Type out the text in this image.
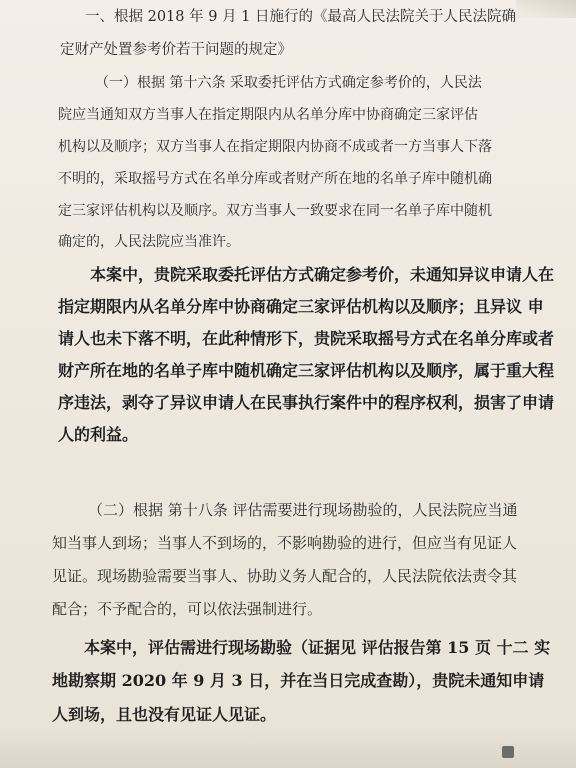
一、根据 2018 年 9 月 1 日施行的《最高人民法院关于人民法院确
定财产处置参考价若干问题的规定》
（一）根据 第十六条 采取委托评估方式确定参考价的，人民法
院应当通知双方当事人在指定期限内从名单分库中协商确定三家评估
机构以及顺序；双方当事人在指定期限内协商不成或者一方当事人下落
不明的，采取摇号方式在名单分库或者财产所在地的名单子库中随机确
定三家评估机构以及顺序。双方当事人一致要求在同一名单子库中随机
确定的，人民法院应当准许。
本案中，贵院采取委托评估方式确定参考价，未通知异议申请人在
指定期限内从名单分库中协商确定三家评估机构以及顺序；且异议 申
请人也未下落不明，在此种情形下，贵院采取摇号方式在名单分库或者
财产所在地的名单子库中随机确定三家评估机构以及顺序，属于重大程
序违法，剥夺了异议申请人在民事执行案件中的程序权利，损害了申请
人的利益。
（二）根据 第十八条 评估需要进行现场勘验的，人民法院应当通
知当事人到场；当事人不到场的，不影响勘验的进行，但应当有见证人
见证。现场勘验需要当事人、协助义务人配合的，人民法院依法责令其
配合；不予配合的，可以依法强制进行。
本案中，评估需进行现场勘验（证据见 评估报告第 15 页 十二 实
地勘察期 2020 年 9 月 3 日，并在当日完成查勘），贵院未通知申请
人到场，且也没有见证人见证。
